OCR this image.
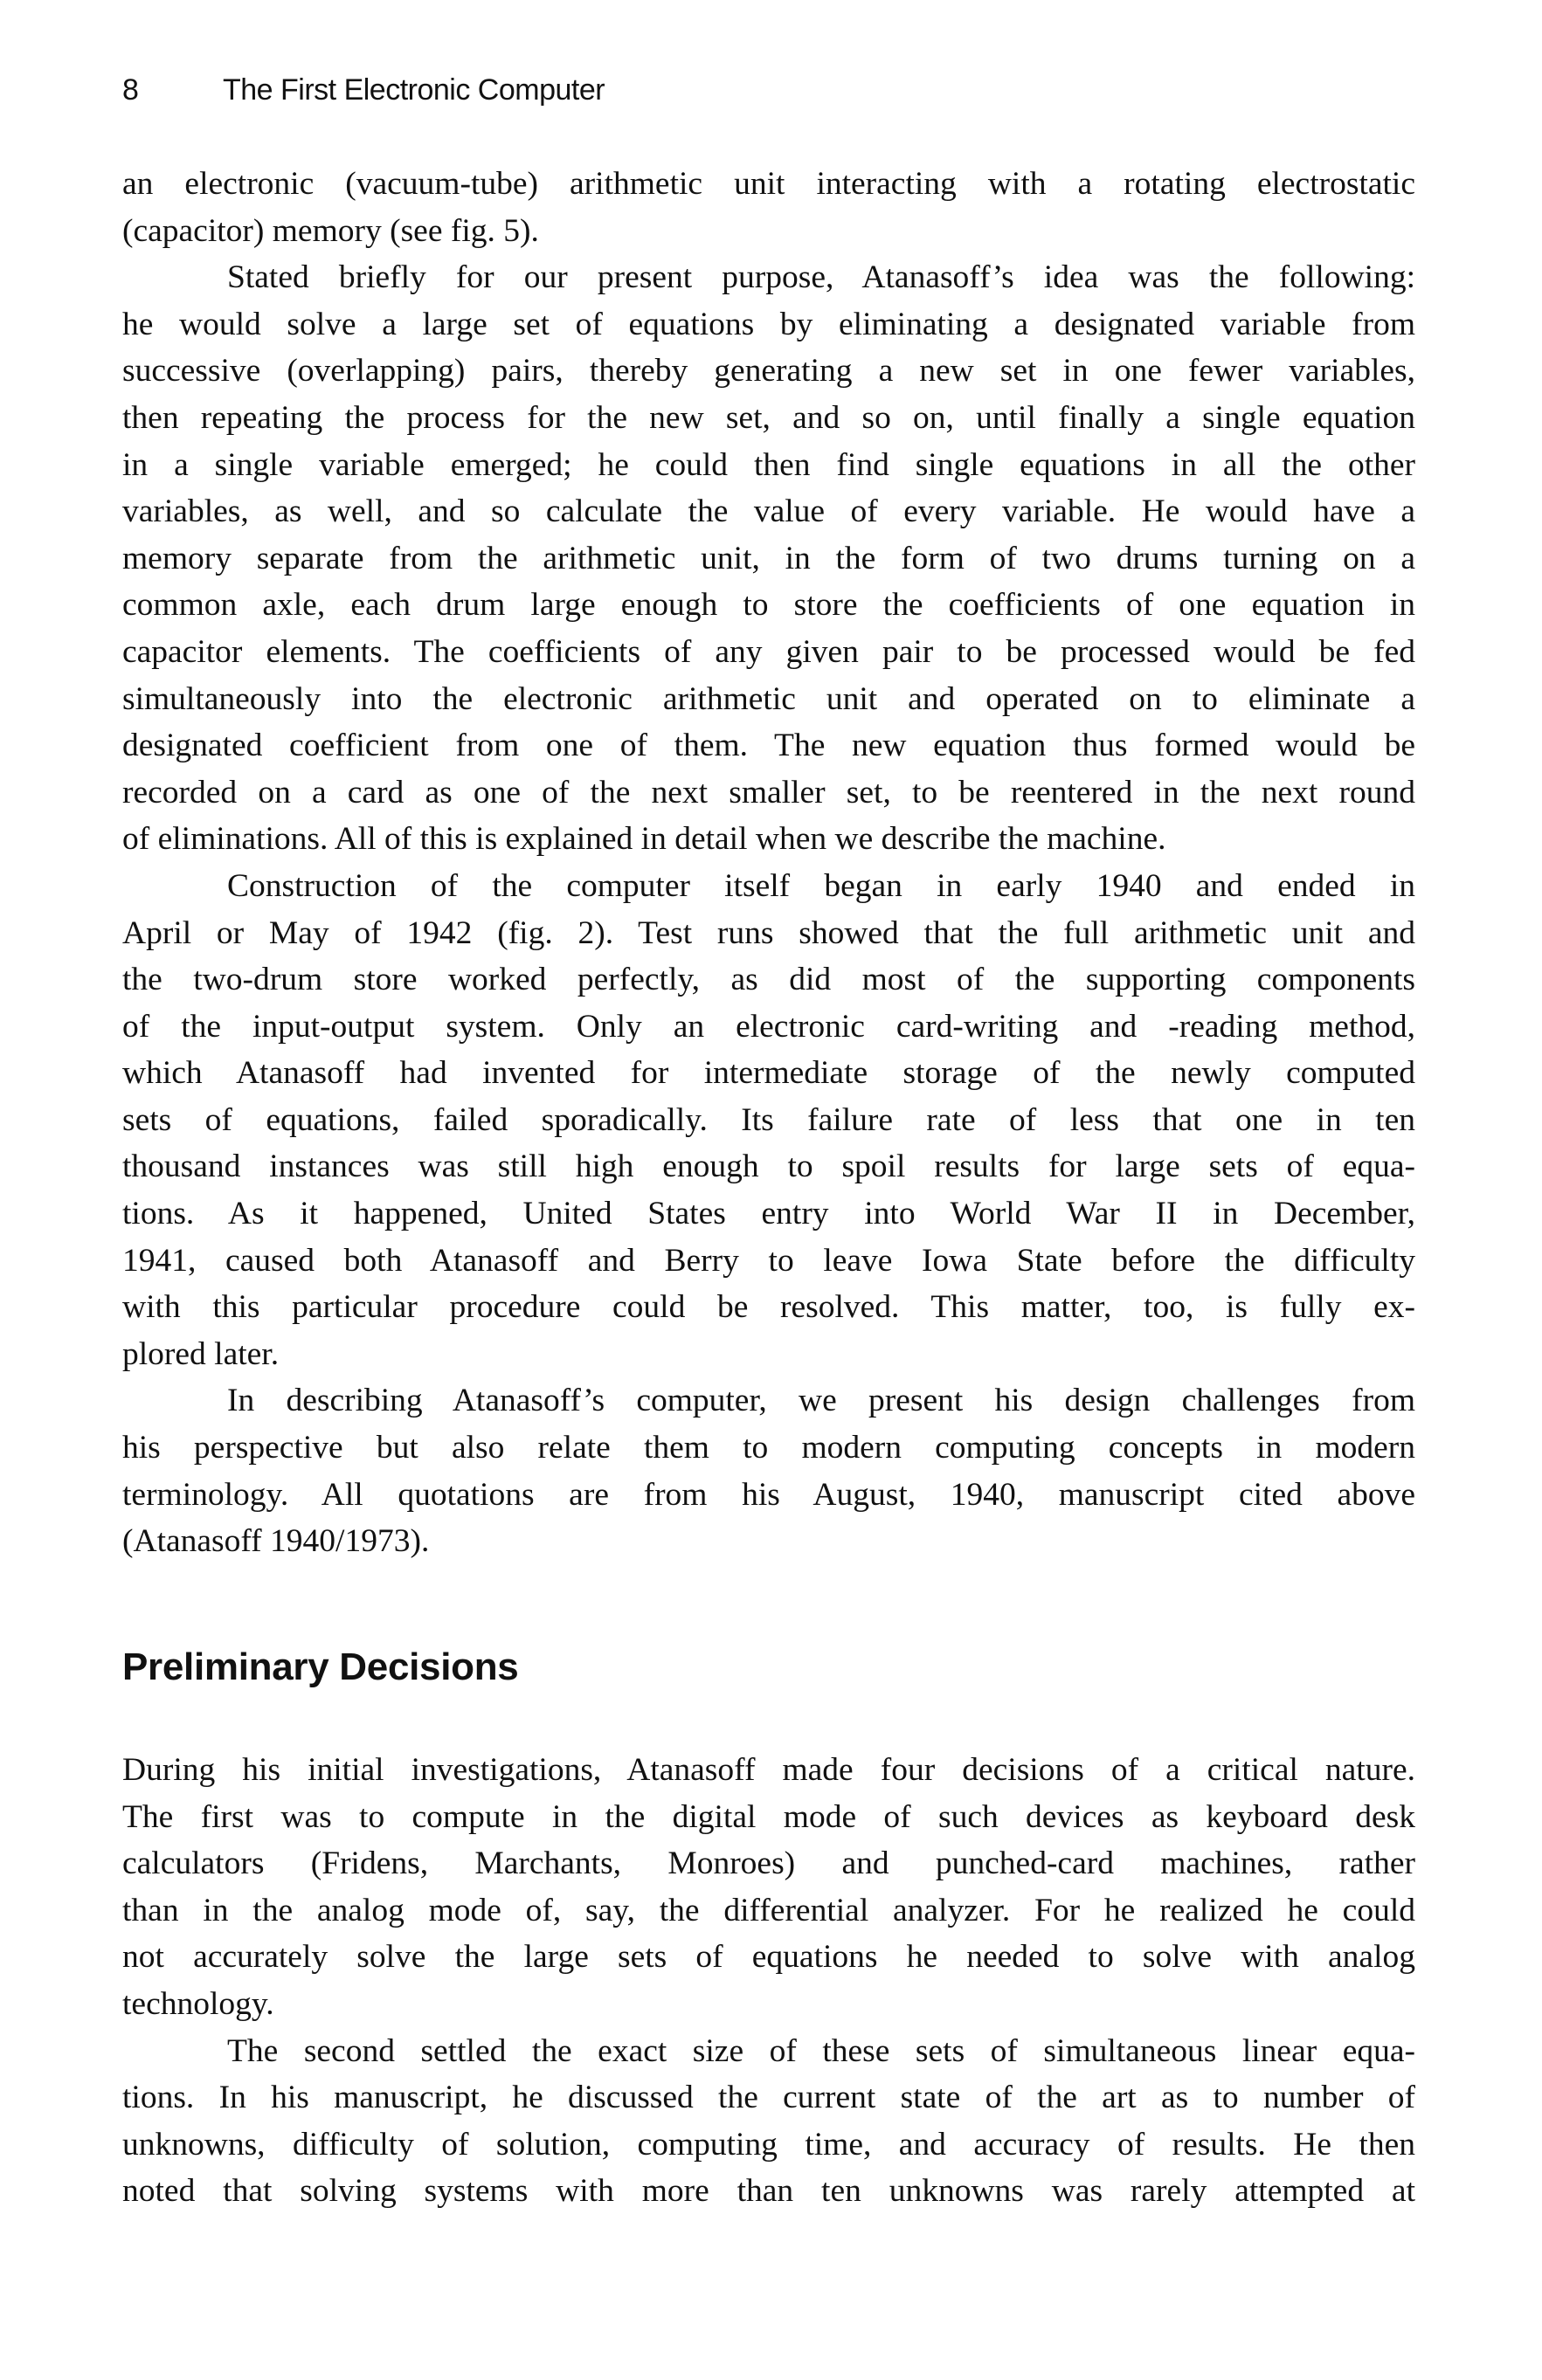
8	The First Electronic Computer
an electronic (vacuum-tube) arithmetic unit interacting with a rotating electrostatic
(capacitor) memory (see fig. 5).
Stated briefly for our present purpose, Atanasoff’s idea was the following:
he would solve a large set of equations by eliminating a designated variable from
successive (overlapping) pairs, thereby generating a new set in one fewer variables,
then repeating the process for the new set, and so on, until finally a single equation
in a single variable emerged; he could then find single equations in all the other
variables, as well, and so calculate the value of every variable. He would have a
memory separate from the arithmetic unit, in the form of two drums turning on a
common axle, each drum large enough to store the coefficients of one equation in
capacitor elements. The coefficients of any given pair to be processed would be fed
simultaneously into the electronic arithmetic unit and operated on to eliminate a
designated coefficient from one of them. The new equation thus formed would be
recorded on a card as one of the next smaller set, to be reentered in the next round
of eliminations. All of this is explained in detail when we describe the machine.
Construction of the computer itself began in early 1940 and ended in
April or May of 1942 (fig. 2). Test runs showed that the full arithmetic unit and
the two-drum store worked perfectly, as did most of the supporting components
of the input-output system. Only an electronic card-writing and -reading method,
which Atanasoff had invented for intermediate storage of the newly computed
sets of equations, failed sporadically. Its failure rate of less that one in ten
thousand instances was still high enough to spoil results for large sets of equa-
tions. As it happened, United States entry into World War II in December,
1941, caused both Atanasoff and Berry to leave Iowa State before the difficulty
with this particular procedure could be resolved. This matter, too, is fully ex-
plored later.
In describing Atanasoff’s computer, we present his design challenges from
his perspective but also relate them to modern computing concepts in modern
terminology. All quotations are from his August, 1940, manuscript cited above
(Atanasoff 1940/1973).
Preliminary Decisions
During his initial investigations, Atanasoff made four decisions of a critical nature.
The first was to compute in the digital mode of such devices as keyboard desk
calculators (Fridens, Marchants, Monroes) and punched-card machines, rather
than in the analog mode of, say, the differential analyzer. For he realized he could
not accurately solve the large sets of equations he needed to solve with analog
technology.
The second settled the exact size of these sets of simultaneous linear equa-
tions. In his manuscript, he discussed the current state of the art as to number of
unknowns, difficulty of solution, computing time, and accuracy of results. He then
noted that solving systems with more than ten unknowns was rarely attempted at
